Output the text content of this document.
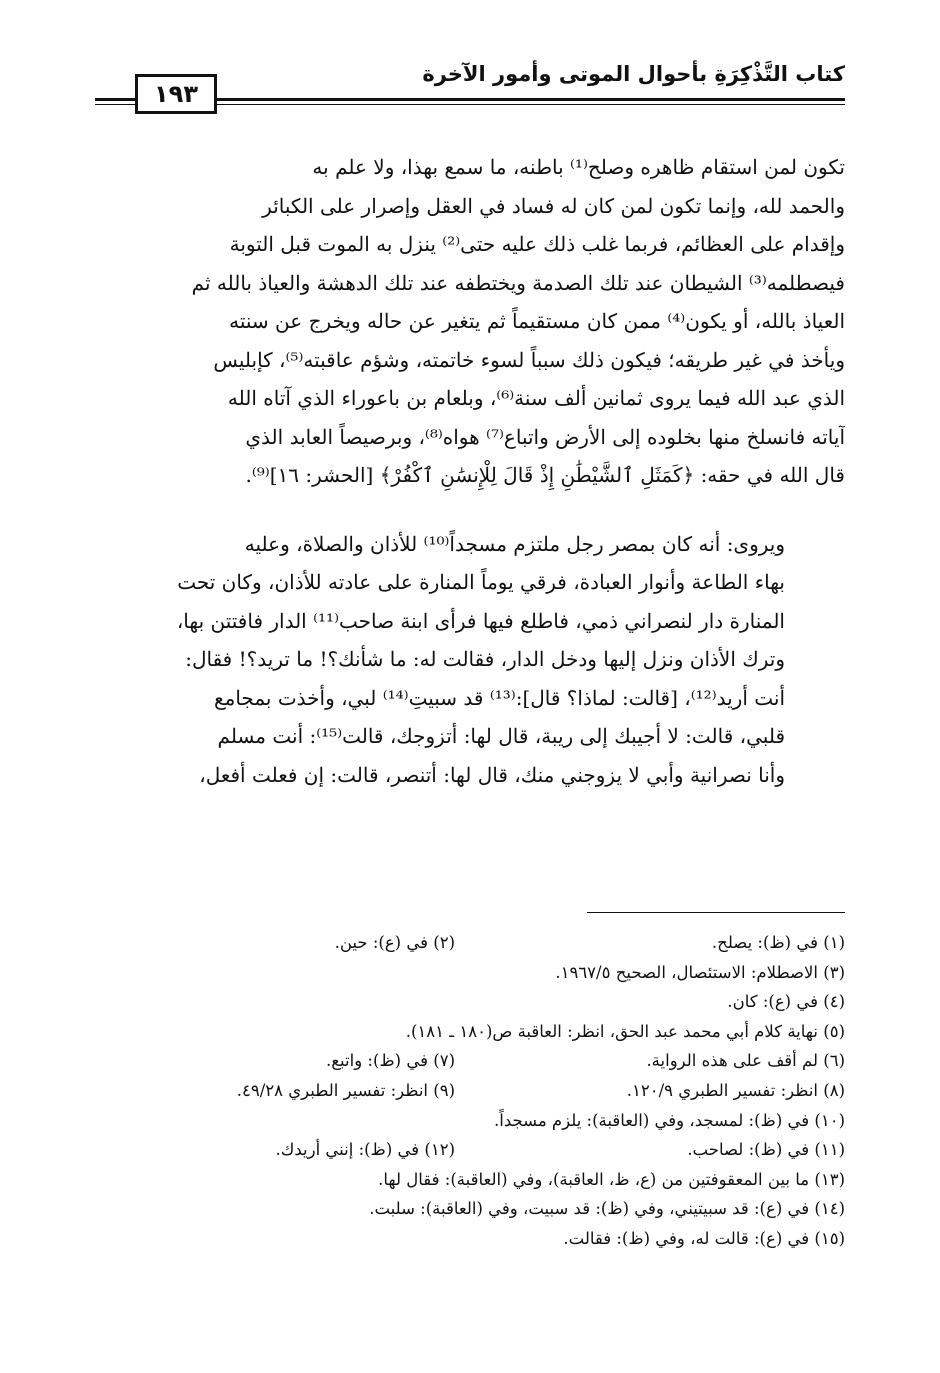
كتاب التَّذْكِرَةِ بأحوال الموتى وأمور الآخرة
١٩٣

تكون لمن استقام ظاهره وصلح⁽¹⁾ باطنه، ما سمع بهذا، ولا علم به
والحمد لله، وإنما تكون لمن كان له فساد في العقل وإصرار على الكبائر
وإقدام على العظائم، فربما غلب ذلك عليه حتى⁽²⁾ ينزل به الموت قبل التوبة
فيصطلمه⁽³⁾ الشيطان عند تلك الصدمة ويختطفه عند تلك الدهشة والعياذ بالله ثم
العياذ بالله، أو يكون⁽⁴⁾ ممن كان مستقيماً ثم يتغير عن حاله ويخرج عن سنته
ويأخذ في غير طريقه؛ فيكون ذلك سبباً لسوء خاتمته، وشؤم عاقبته⁽⁵⁾، كإبليس
الذي عبد الله فيما يروى ثمانين ألف سنة⁽⁶⁾، وبلعام بن باعوراء الذي آتاه الله
آياته فانسلخ منها بخلوده إلى الأرض واتباع⁽⁷⁾ هواه⁽⁸⁾، وبرصيصاً العابد الذي
قال الله في حقه: ﴿كَمَثَلِ ٱلشَّيْطَٰنِ إِذْ قَالَ لِلْإِنسَٰنِ ٱكْفُرْ﴾ [الحشر: ١٦]⁽⁹⁾.

ويروى: أنه كان بمصر رجل ملتزم مسجداً⁽¹⁰⁾ للأذان والصلاة، وعليه
بهاء الطاعة وأنوار العبادة، فرقي يوماً المنارة على عادته للأذان، وكان تحت
المنارة دار لنصراني ذمي، فاطلع فيها فرأى ابنة صاحب⁽¹¹⁾ الدار فافتتن بها،
وترك الأذان ونزل إليها ودخل الدار، فقالت له: ما شأنك؟! ما تريد؟! فقال:
أنت أريد⁽¹²⁾، [قالت: لماذا؟ قال]:⁽¹³⁾ قد سبيتِ⁽¹⁴⁾ لبي، وأخذت بمجامع
قلبي، قالت: لا أجيبك إلى ريبة، قال لها: أتزوجك، قالت⁽¹⁵⁾: أنت مسلم
وأنا نصرانية وأبي لا يزوجني منك، قال لها: أتنصر، قالت: إن فعلت أفعل،

(١) في (ظ): يصلح.
(٢) في (ع): حين.
(٣) الاصطلام: الاستئصال، الصحيح ١٩٦٧/٥.
(٤) في (ع): كان.
(٥) نهاية كلام أبي محمد عبد الحق، انظر: العاقبة ص(١٨٠ ـ ١٨١).
(٦) لم أقف على هذه الرواية.
(٧) في (ظ): واتبع.
(٨) انظر: تفسير الطبري ١٢٠/٩.
(٩) انظر: تفسير الطبري ٤٩/٢٨.
(١٠) في (ظ): لمسجد، وفي (العاقبة): يلزم مسجداً.
(١١) في (ظ): لصاحب.
(١٢) في (ظ): إنني أريدك.
(١٣) ما بين المعقوفتين من (ع، ظ، العاقبة)، وفي (العاقبة): فقال لها.
(١٤) في (ع): قد سبيتيني، وفي (ظ): قد سبيت، وفي (العاقبة): سلبت.
(١٥) في (ع): قالت له، وفي (ظ): فقالت.
